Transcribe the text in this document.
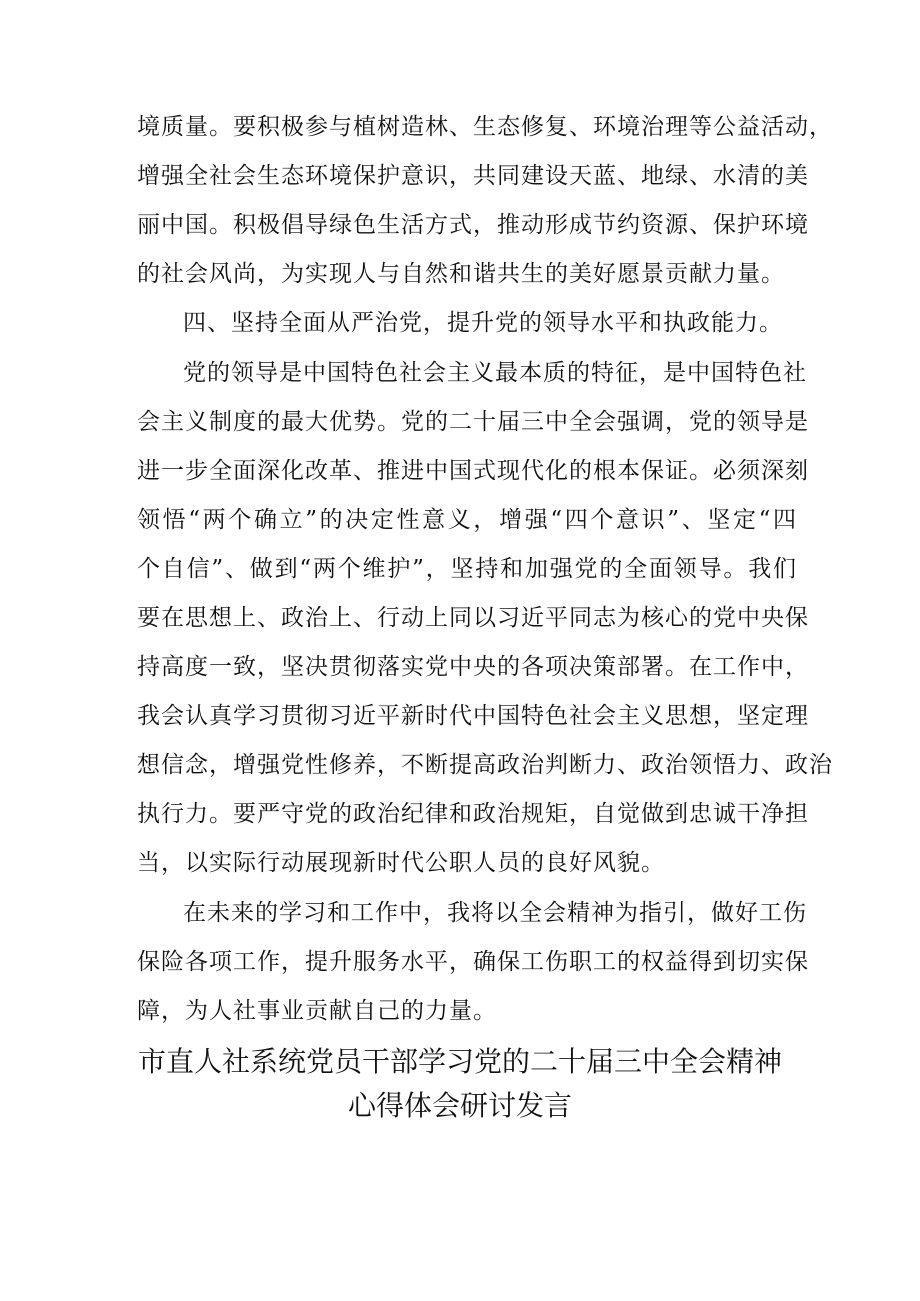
境质量。要积极参与植树造林、生态修复、环境治理等公益活动，
增强全社会生态环境保护意识，共同建设天蓝、地绿、水清的美
丽中国。积极倡导绿色生活方式，推动形成节约资源、保护环境
的社会风尚，为实现人与自然和谐共生的美好愿景贡献力量。
四、坚持全面从严治党，提升党的领导水平和执政能力。
党的领导是中国特色社会主义最本质的特征，是中国特色社
会主义制度的最大优势。党的二十届三中全会强调，党的领导是
进一步全面深化改革、推进中国式现代化的根本保证。必须深刻
领悟“两个确立”的决定性意义，增强“四个意识”、坚定“四
个自信”、做到“两个维护”，坚持和加强党的全面领导。我们
要在思想上、政治上、行动上同以习近平同志为核心的党中央保
持高度一致，坚决贯彻落实党中央的各项决策部署。在工作中，
我会认真学习贯彻习近平新时代中国特色社会主义思想，坚定理
想信念，增强党性修养，不断提高政治判断力、政治领悟力、政治
执行力。要严守党的政治纪律和政治规矩，自觉做到忠诚干净担
当，以实际行动展现新时代公职人员的良好风貌。
在未来的学习和工作中，我将以全会精神为指引，做好工伤
保险各项工作，提升服务水平，确保工伤职工的权益得到切实保
障，为人社事业贡献自己的力量。
市直人社系统党员干部学习党的二十届三中全会精神
心得体会研讨发言
